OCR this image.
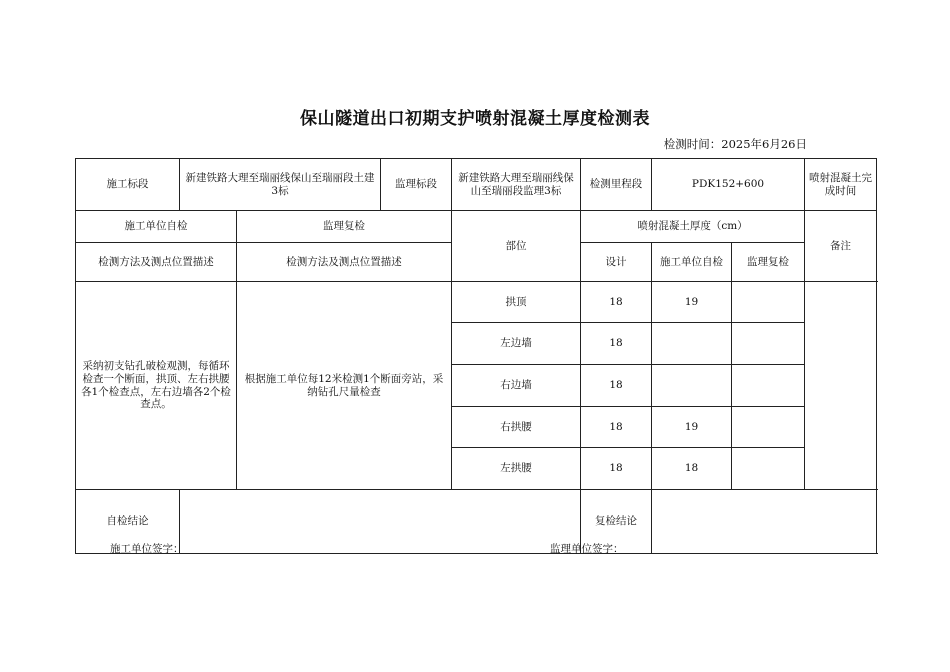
保山隧道出口初期支护喷射混凝土厚度检测表
检测时间：2025年6月26日
施工标段	新建铁路大理至瑞丽线保山至瑞丽段土建3标		监理标段	新建铁路大理至瑞丽线保山至瑞丽段监理3标	检测里程段	PDK152+600		喷射混凝土完成时间	
施工单位自检		监理复检		部位	喷射混凝土厚度（cm）			备注	
检测方法及测点位置描述		检测方法及测点位置描述			设计	施工单位自检	监理复检		
采纳初支钻孔破检观测，每循环检查一个断面，拱顶、左右拱腰各1个检查点，左右边墙各2个检查点。		根据施工单位每12米检测1个断面旁站，采纳钻孔尺量检查		拱顶	18	19			
				左边墙	18				
				右边墙	18				
				右拱腰	18	19			
				左拱腰	18	18			
自检结论					复检结论				
施工单位签字：	监理单位签字：
